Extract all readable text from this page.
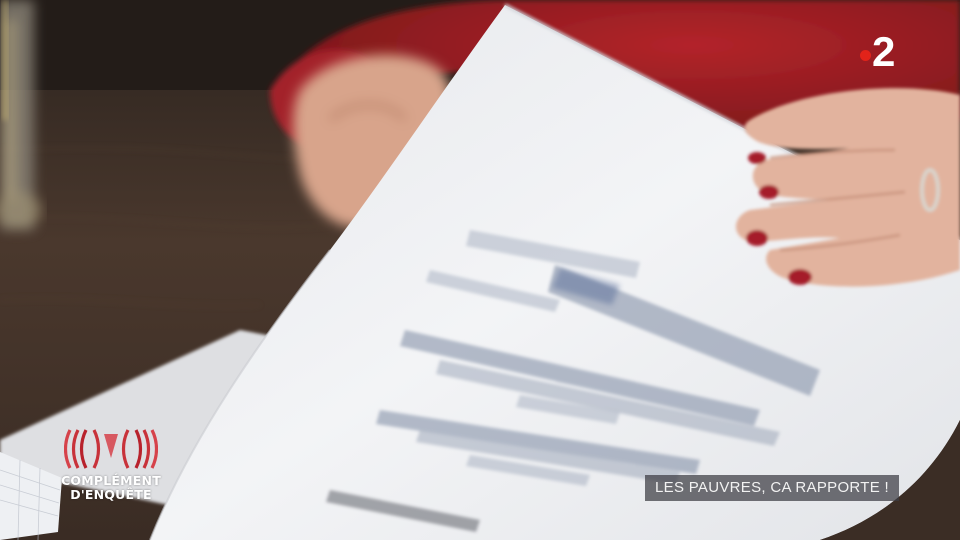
2
COMPLÉMENT
D'ENQUÊTE	LES PAUVRES, CA RAPPORTE !
